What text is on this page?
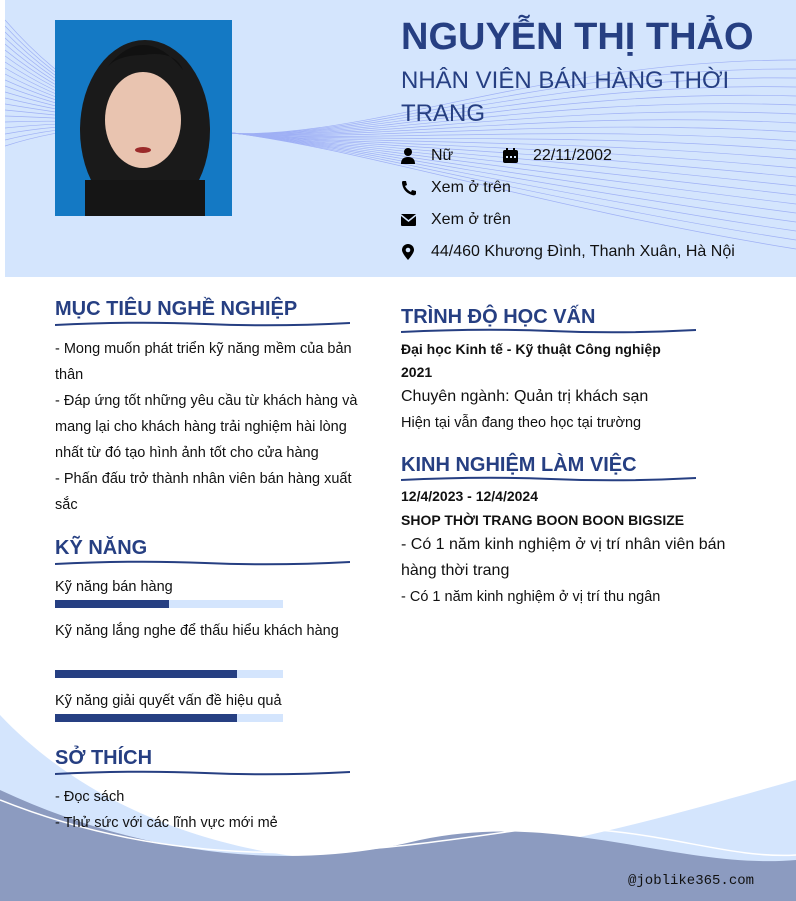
NGUYỄN THỊ THẢO
NHÂN VIÊN BÁN HÀNG THỜI TRANG
Nữ	22/11/2002
Xem ở trên
Xem ở trên
44/460 Khương Đình, Thanh Xuân, Hà Nội
MỤC TIÊU NGHỀ NGHIỆP
- Mong muốn phát triển kỹ năng mềm của bản thân
- Đáp ứng tốt những yêu cầu từ khách hàng và mang lại cho khách hàng trải nghiệm hài lòng nhất từ đó tạo hình ảnh tốt cho cửa hàng
- Phấn đấu trở thành nhân viên bán hàng xuất sắc
KỸ NĂNG
Kỹ năng bán hàng
Kỹ năng lắng nghe để thấu hiểu khách hàng
Kỹ năng giải quyết vấn đề hiệu quả
SỞ THÍCH
- Đọc sách
- Thử sức với các lĩnh vực mới mẻ
TRÌNH ĐỘ HỌC VẤN
Đại học Kinh tế - Kỹ thuật Công nghiệp
2021
Chuyên ngành: Quản trị khách sạn
Hiện tại vẫn đang theo học tại trường
KINH NGHIỆM LÀM VIỆC
12/4/2023 - 12/4/2024
SHOP THỜI TRANG BOON BOON BIGSIZE
- Có 1 năm kinh nghiệm ở vị trí nhân viên bán hàng thời trang
- Có 1 năm kinh nghiệm ở vị trí thu ngân
@joblike365.com
